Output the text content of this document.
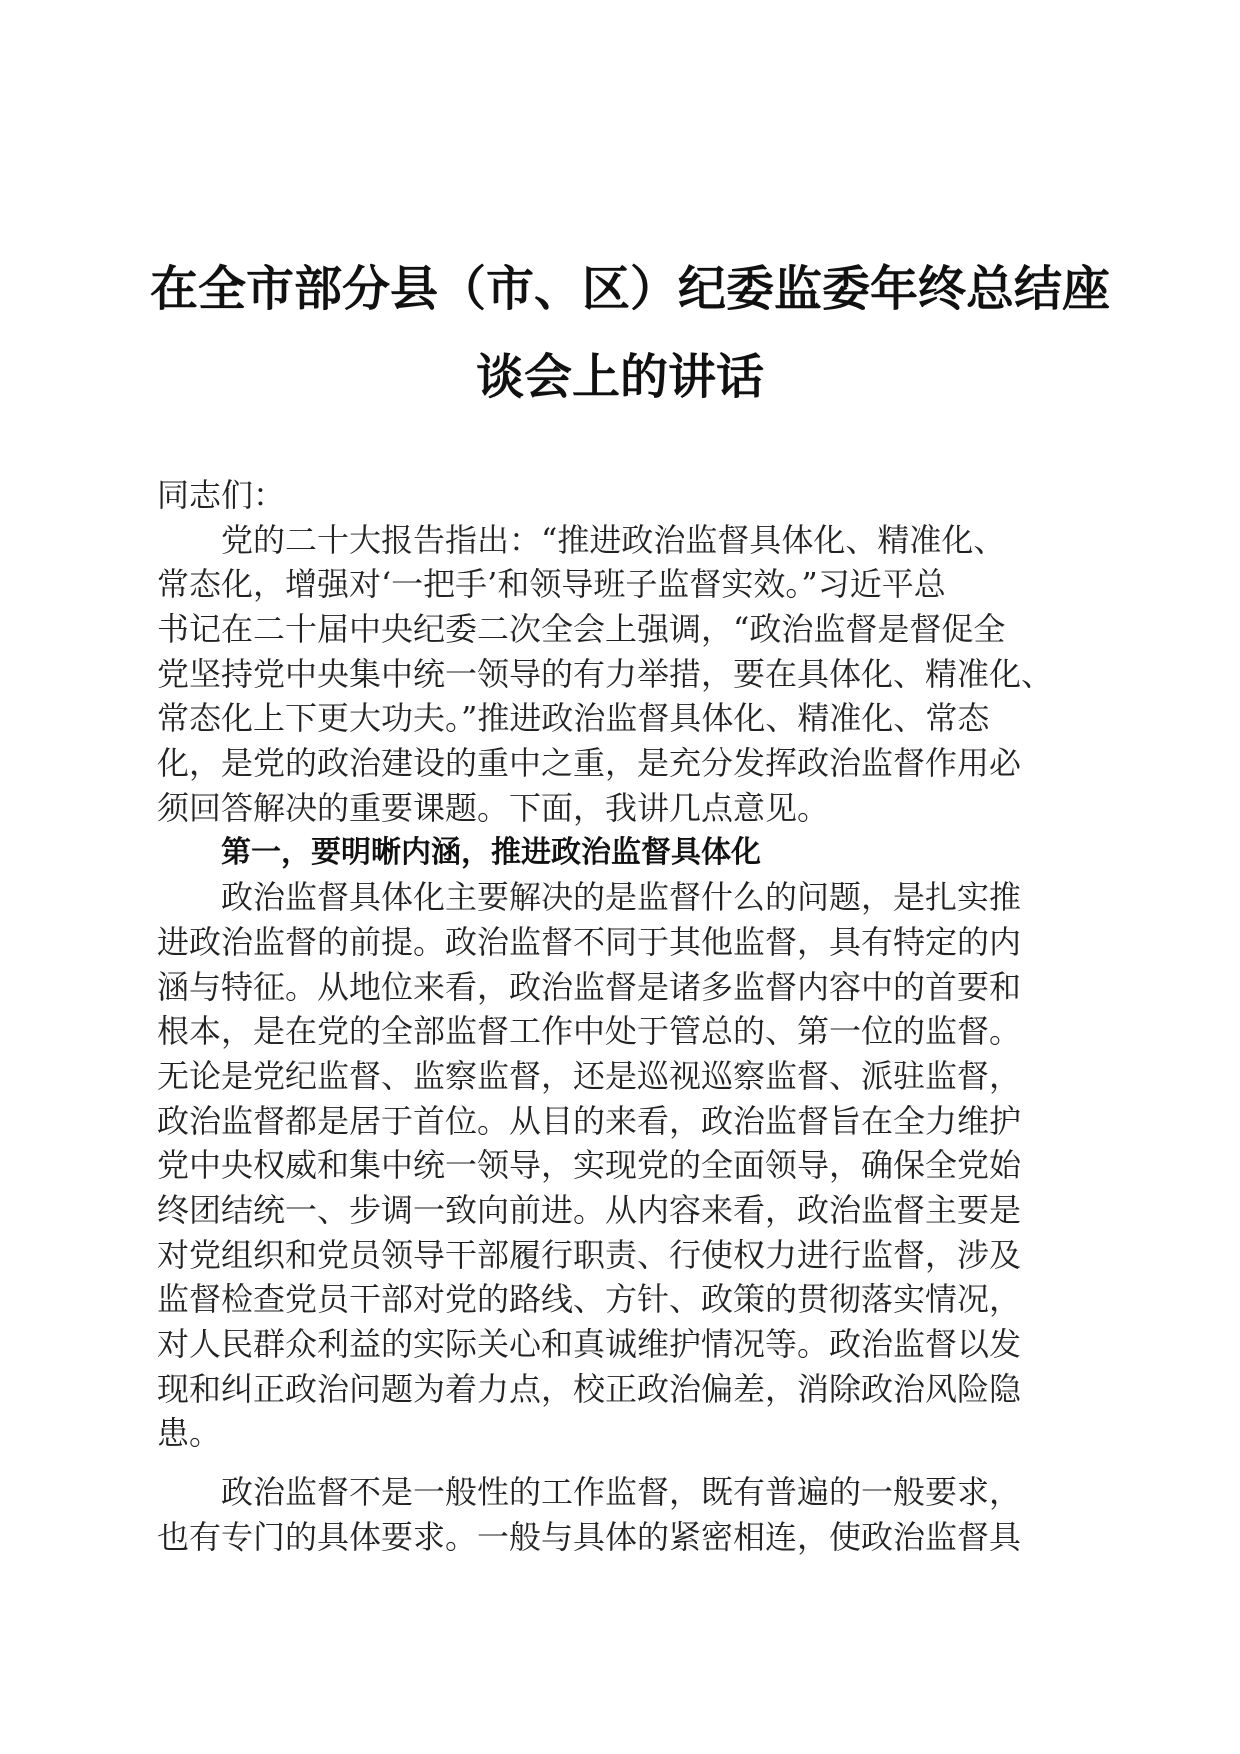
在全市部分县（市、区）纪委监委年终总结座
谈会上的讲话
同志们：
党的二十大报告指出：“推进政治监督具体化、精准化、
常态化，增强对‘一把手’和领导班子监督实效。”习近平总
书记在二十届中央纪委二次全会上强调，“政治监督是督促全
党坚持党中央集中统一领导的有力举措，要在具体化、精准化、
常态化上下更大功夫。”推进政治监督具体化、精准化、常态
化，是党的政治建设的重中之重，是充分发挥政治监督作用必
须回答解决的重要课题。下面，我讲几点意见。
第一，要明晰内涵，推进政治监督具体化
政治监督具体化主要解决的是监督什么的问题，是扎实推
进政治监督的前提。政治监督不同于其他监督，具有特定的内
涵与特征。从地位来看，政治监督是诸多监督内容中的首要和
根本，是在党的全部监督工作中处于管总的、第一位的监督。
无论是党纪监督、监察监督，还是巡视巡察监督、派驻监督，
政治监督都是居于首位。从目的来看，政治监督旨在全力维护
党中央权威和集中统一领导，实现党的全面领导，确保全党始
终团结统一、步调一致向前进。从内容来看，政治监督主要是
对党组织和党员领导干部履行职责、行使权力进行监督，涉及
监督检查党员干部对党的路线、方针、政策的贯彻落实情况，
对人民群众利益的实际关心和真诚维护情况等。政治监督以发
现和纠正政治问题为着力点，校正政治偏差，消除政治风险隐
患。
政治监督不是一般性的工作监督，既有普遍的一般要求，
也有专门的具体要求。一般与具体的紧密相连，使政治监督具
